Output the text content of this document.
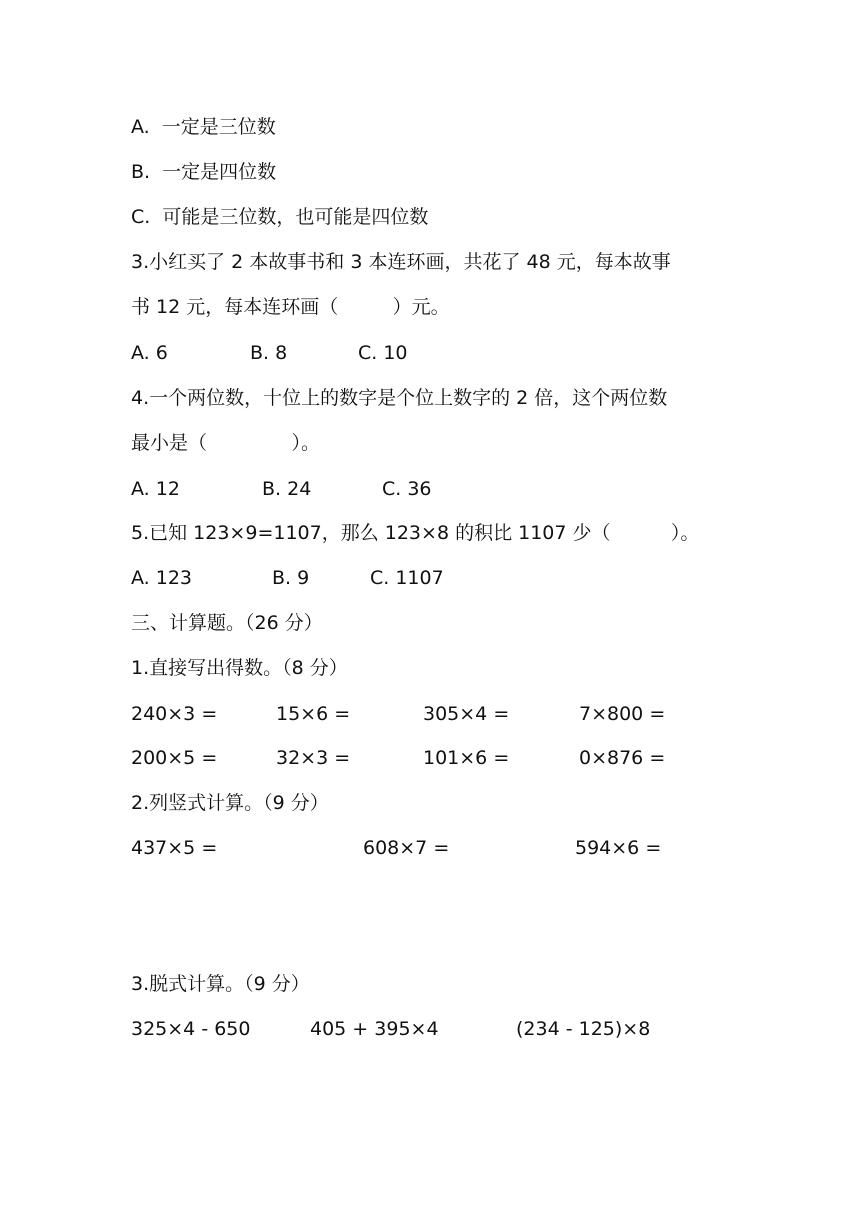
A.  一定是三位数
B.  一定是四位数
C.  可能是三位数，也可能是四位数
3.小红买了 2 本故事书和 3 本连环画，共花了 48 元，每本故事
书 12 元，每本连环画（         ）元。
A. 6	B. 8	C. 10
4.一个两位数，十位上的数字是个位上数字的 2 倍，这个两位数
最小是（              ）。
A. 12	B. 24	C. 36
5.已知 123×9=1107，那么 123×8 的积比 1107 少（          ）。
A. 123	B. 9	C. 1107
三、计算题。（26 分）
1.直接写出得数。（8 分）
240×3 =	15×6 =	305×4 =	7×800 =
200×5 =	32×3 =	101×6 =	0×876 =
2.列竖式计算。（9 分）
437×5 =	608×7 =	594×6 =
3.脱式计算。（9 分）
325×4 - 650	405 + 395×4	(234 - 125)×8
